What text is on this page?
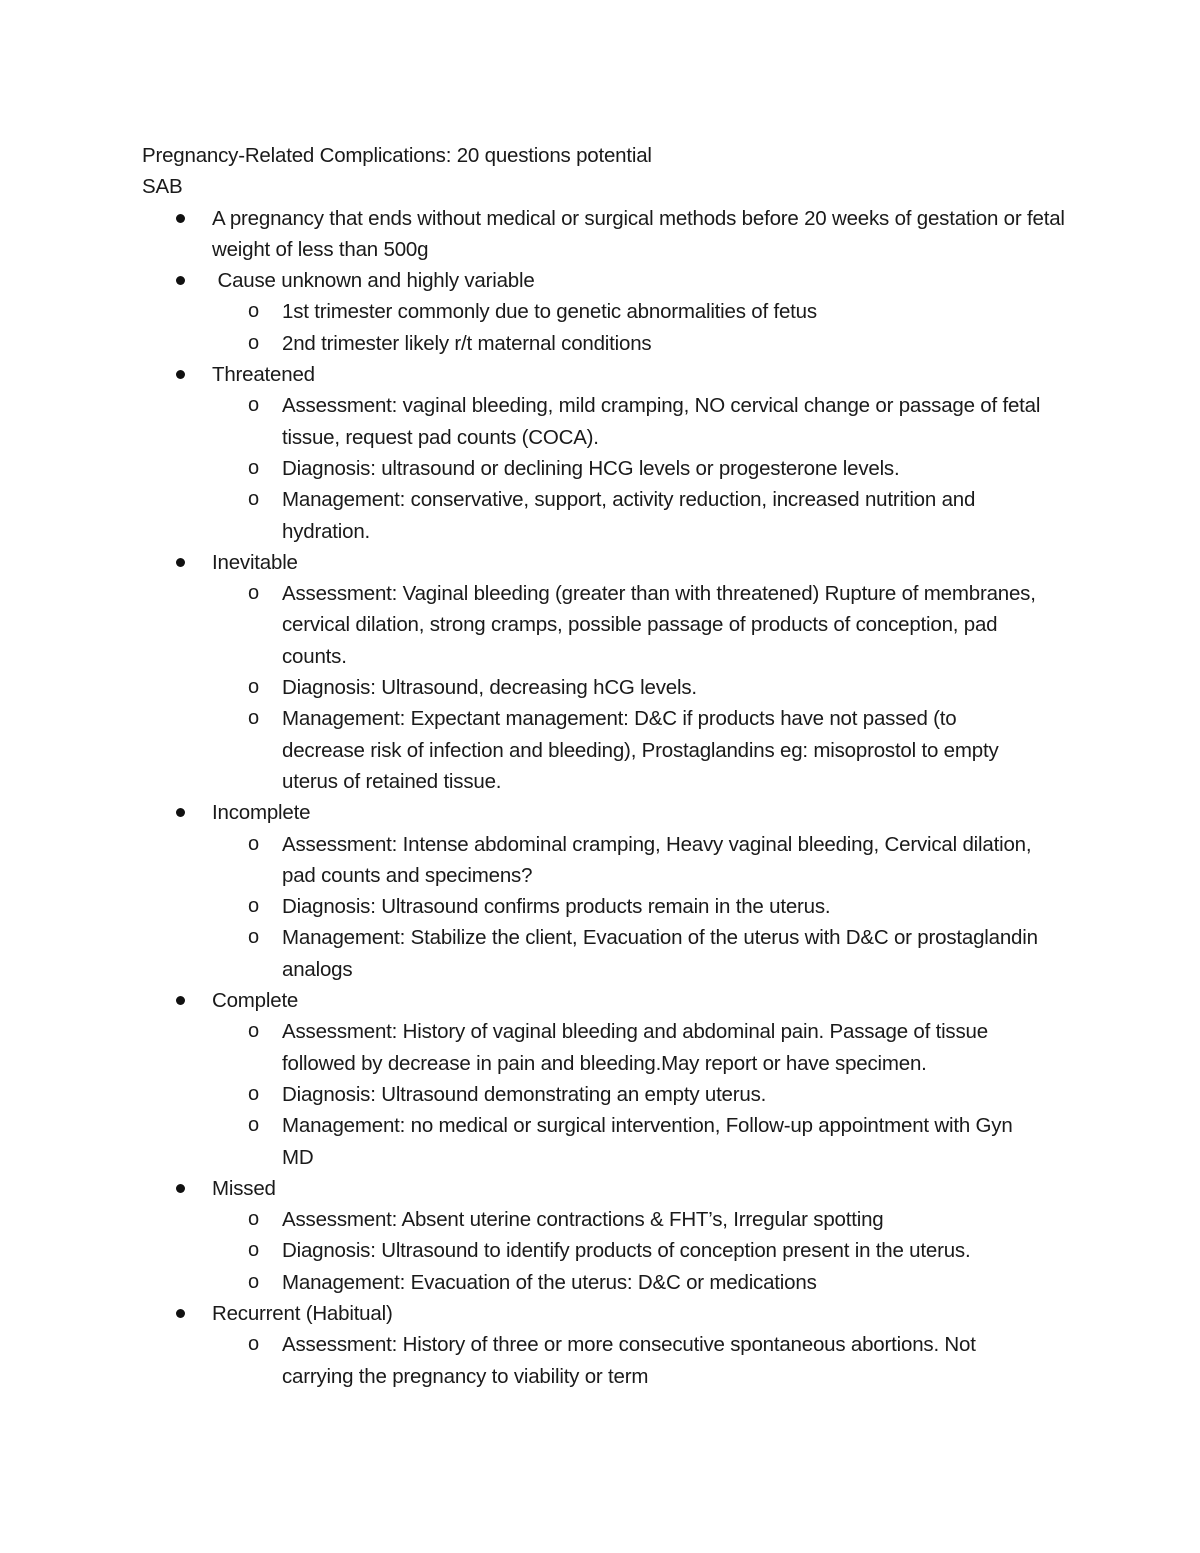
Pregnancy-Related Complications: 20 questions potential

SAB

A pregnancy that ends without medical or surgical methods before 20 weeks of gestation or fetal weight of less than 500g
Cause unknown and highly variable
o 1st trimester commonly due to genetic abnormalities of fetus
o 2nd trimester likely r/t maternal conditions
Threatened
o Assessment: vaginal bleeding, mild cramping, NO cervical change or passage of fetal tissue, request pad counts (COCA).
o Diagnosis: ultrasound or declining HCG levels or progesterone levels.
o Management: conservative, support, activity reduction, increased nutrition and hydration.
Inevitable
o Assessment: Vaginal bleeding (greater than with threatened) Rupture of membranes, cervical dilation, strong cramps, possible passage of products of conception, pad counts.
o Diagnosis: Ultrasound, decreasing hCG levels.
o Management: Expectant management: D&C if products have not passed (to decrease risk of infection and bleeding), Prostaglandins eg: misoprostol to empty uterus of retained tissue.
Incomplete
o Assessment: Intense abdominal cramping, Heavy vaginal bleeding, Cervical dilation, pad counts and specimens?
o Diagnosis: Ultrasound confirms products remain in the uterus.
o Management: Stabilize the client, Evacuation of the uterus with D&C or prostaglandin analogs
Complete
o Assessment: History of vaginal bleeding and abdominal pain. Passage of tissue followed by decrease in pain and bleeding.May report or have specimen.
o Diagnosis: Ultrasound demonstrating an empty uterus.
o Management: no medical or surgical intervention, Follow-up appointment with Gyn MD
Missed
o Assessment: Absent uterine contractions & FHT’s, Irregular spotting
o Diagnosis: Ultrasound to identify products of conception present in the uterus.
o Management: Evacuation of the uterus: D&C or medications
Recurrent (Habitual)
o Assessment: History of three or more consecutive spontaneous abortions. Not carrying the pregnancy to viability or term
